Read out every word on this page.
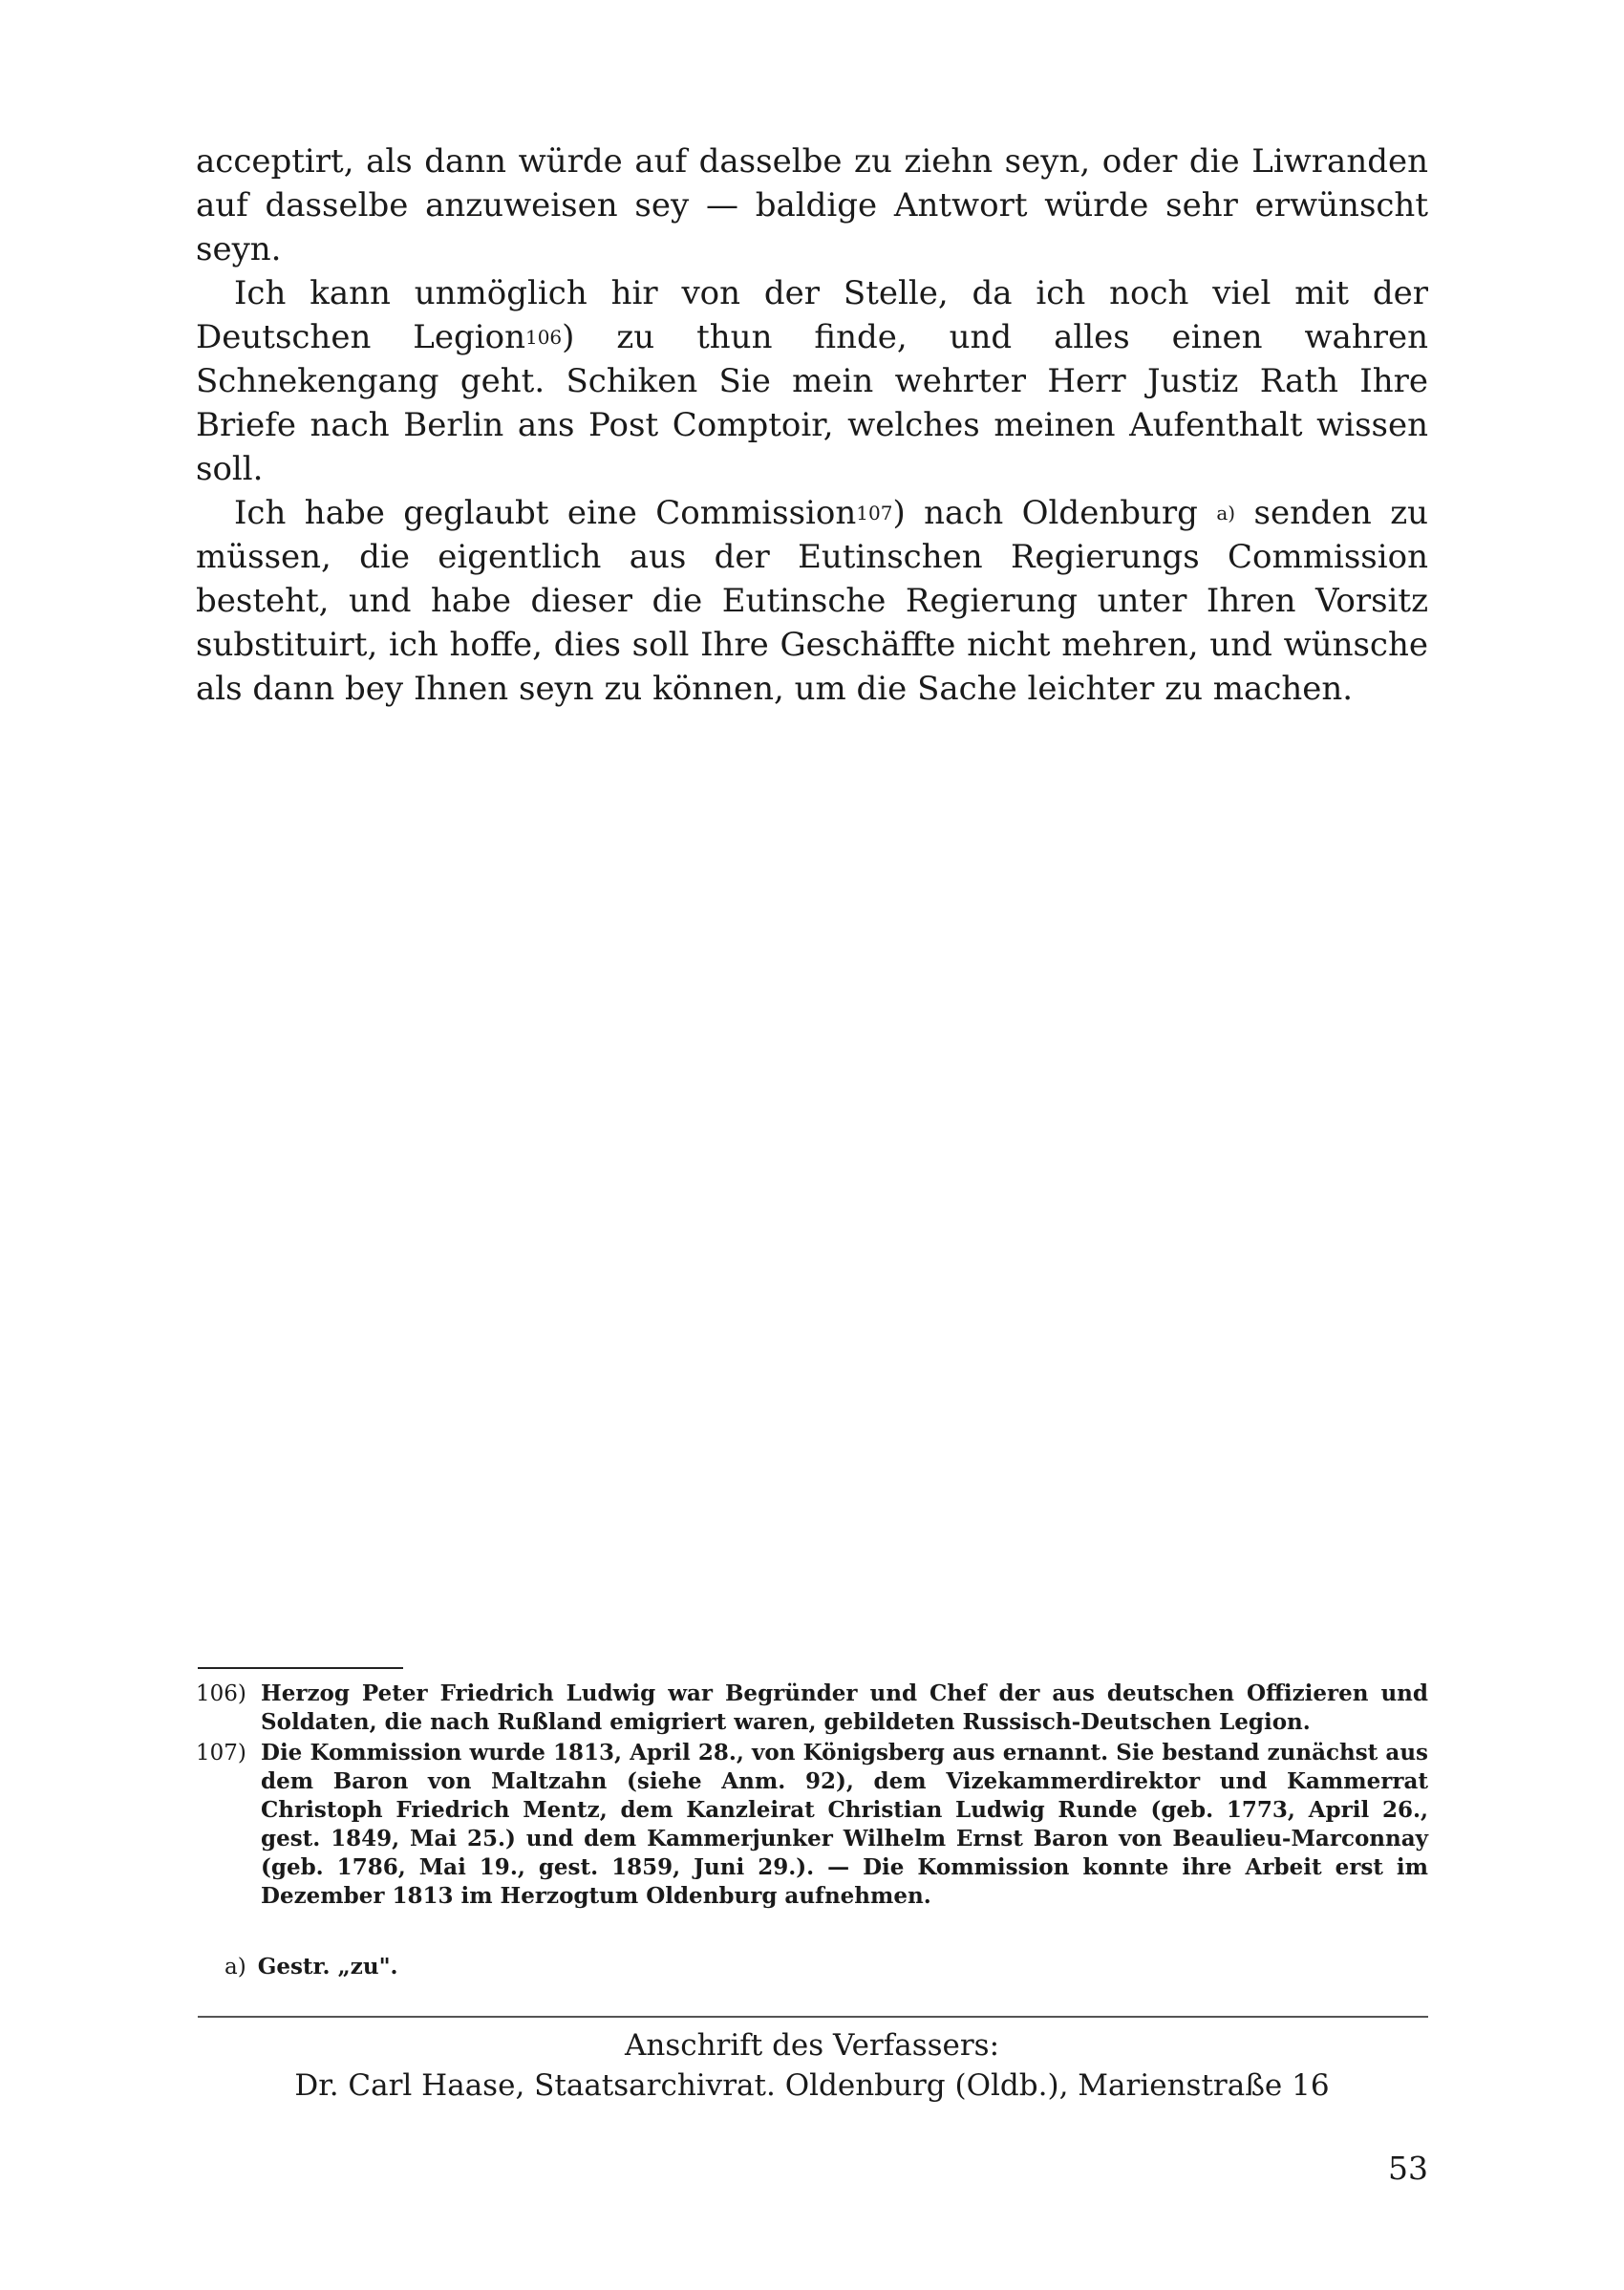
acceptirt, als dann würde auf dasselbe zu ziehn seyn, oder die Liwranden auf dasselbe anzuweisen sey — baldige Antwort würde sehr erwünscht seyn.

Ich kann unmöglich hir von der Stelle, da ich noch viel mit der Deutschen Legion$^{106}$) zu thun finde, und alles einen wahren Schnekengang geht. Schiken Sie mein wehrter Herr Justiz Rath Ihre Briefe nach Berlin ans Post Comptoir, welches meinen Aufenthalt wissen soll.

Ich habe geglaubt eine Commission$^{107}$) nach Oldenburg $^{a)}$ senden zu müssen, die eigentlich aus der Eutinschen Regierungs Commission besteht, und habe dieser die Eutinsche Regierung unter Ihren Vorsitz substituirt, ich hoffe, dies soll Ihre Geschäffte nicht mehren, und wünsche als dann bey Ihnen seyn zu können, um die Sache leichter zu machen.

106) Herzog Peter Friedrich Ludwig war Begründer und Chef der aus deutschen Offizieren und Soldaten, die nach Rußland emigriert waren, gebildeten Russisch-Deutschen Legion.
107) Die Kommission wurde 1813, April 28., von Königsberg aus ernannt. Sie bestand zunächst aus dem Baron von Maltzahn (siehe Anm. 92), dem Vizekammerdirektor und Kammerrat Christoph Friedrich Mentz, dem Kanzleirat Christian Ludwig Runde (geb. 1773, April 26., gest. 1849, Mai 25.) und dem Kammerjunker Wilhelm Ernst Baron von Beaulieu-Marconnay (geb. 1786, Mai 19., gest. 1859, Juni 29.). — Die Kommission konnte ihre Arbeit erst im Dezember 1813 im Herzogtum Oldenburg aufnehmen.
a) Gestr. „zu".
Anschrift des Verfassers:
Dr. Carl Haase, Staatsarchivrat. Oldenburg (Oldb.), Marienstraße 16
53
